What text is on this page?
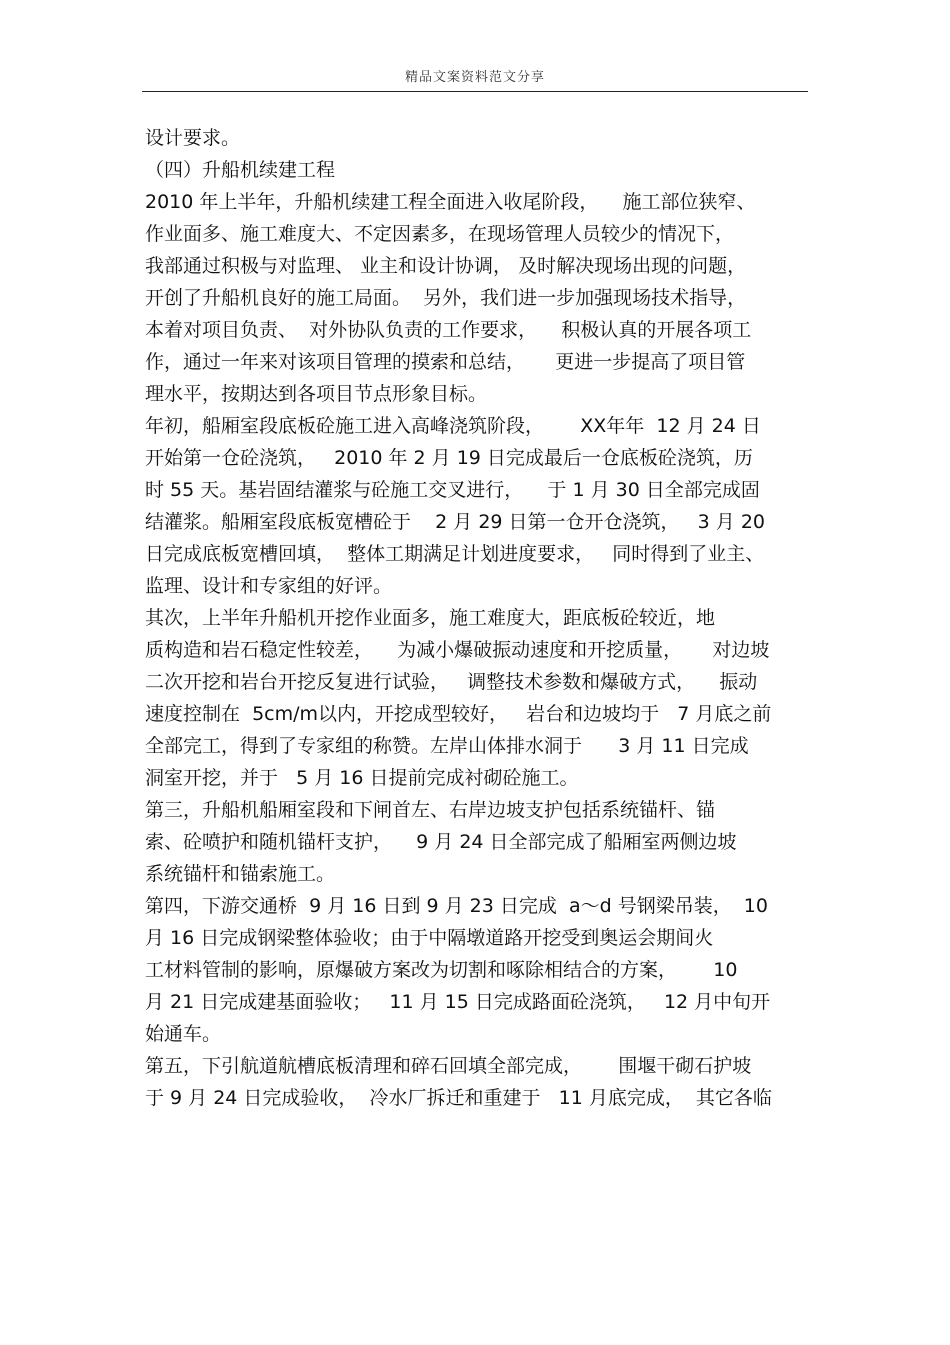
精品文案资料范文分享
设计要求。
（四）升船机续建工程
2010 年上半年，升船机续建工程全面进入收尾阶段，    施工部位狭窄、
作业面多、施工难度大、不定因素多，在现场管理人员较少的情况下，
我部通过积极与对监理、 业主和设计协调， 及时解决现场出现的问题，
开创了升船机良好的施工局面。  另外，我们进一步加强现场技术指导，
本着对项目负责、  对外协队负责的工作要求，    积极认真的开展各项工
作，通过一年来对该项目管理的摸索和总结，     更进一步提高了项目管
理水平，按期达到各项目节点形象目标。
年初，船厢室段底板砼施工进入高峰浇筑阶段，      XX年年  12 月 24 日
开始第一仓砼浇筑，   2010 年 2 月 19 日完成最后一仓底板砼浇筑，历
时 55 天。基岩固结灌浆与砼施工交叉进行，    于 1 月 30 日全部完成固
结灌浆。船厢室段底板宽槽砼于    2 月 29 日第一仓开仓浇筑，   3 月 20
日完成底板宽槽回填，  整体工期满足计划进度要求，   同时得到了业主、
监理、设计和专家组的好评。
其次，上半年升船机开挖作业面多，施工难度大，距底板砼较近，地
质构造和岩石稳定性较差，    为减小爆破振动速度和开挖质量，     对边坡
二次开挖和岩台开挖反复进行试验，   调整技术参数和爆破方式，    振动
速度控制在  5cm/m以内，开挖成型较好，   岩台和边坡均于   7 月底之前
全部完工，得到了专家组的称赞。左岸山体排水洞于      3 月 11 日完成
洞室开挖，并于   5 月 16 日提前完成衬砌砼施工。
第三，升船机船厢室段和下闸首左、右岸边坡支护包括系统锚杆、锚
索、砼喷护和随机锚杆支护，    9 月 24 日全部完成了船厢室两侧边坡
系统锚杆和锚索施工。
第四，下游交通桥  9 月 16 日到 9 月 23 日完成  a～d 号钢梁吊装，  10
月 16 日完成钢梁整体验收；由于中隔墩道路开挖受到奥运会期间火
工材料管制的影响，原爆破方案改为切割和啄除相结合的方案，      10
月 21 日完成建基面验收；   11 月 15 日完成路面砼浇筑，   12 月中旬开
始通车。
第五，下引航道航槽底板清理和碎石回填全部完成，      围堰干砌石护坡
于 9 月 24 日完成验收，  冷水厂拆迁和重建于   11 月底完成，  其它各临
